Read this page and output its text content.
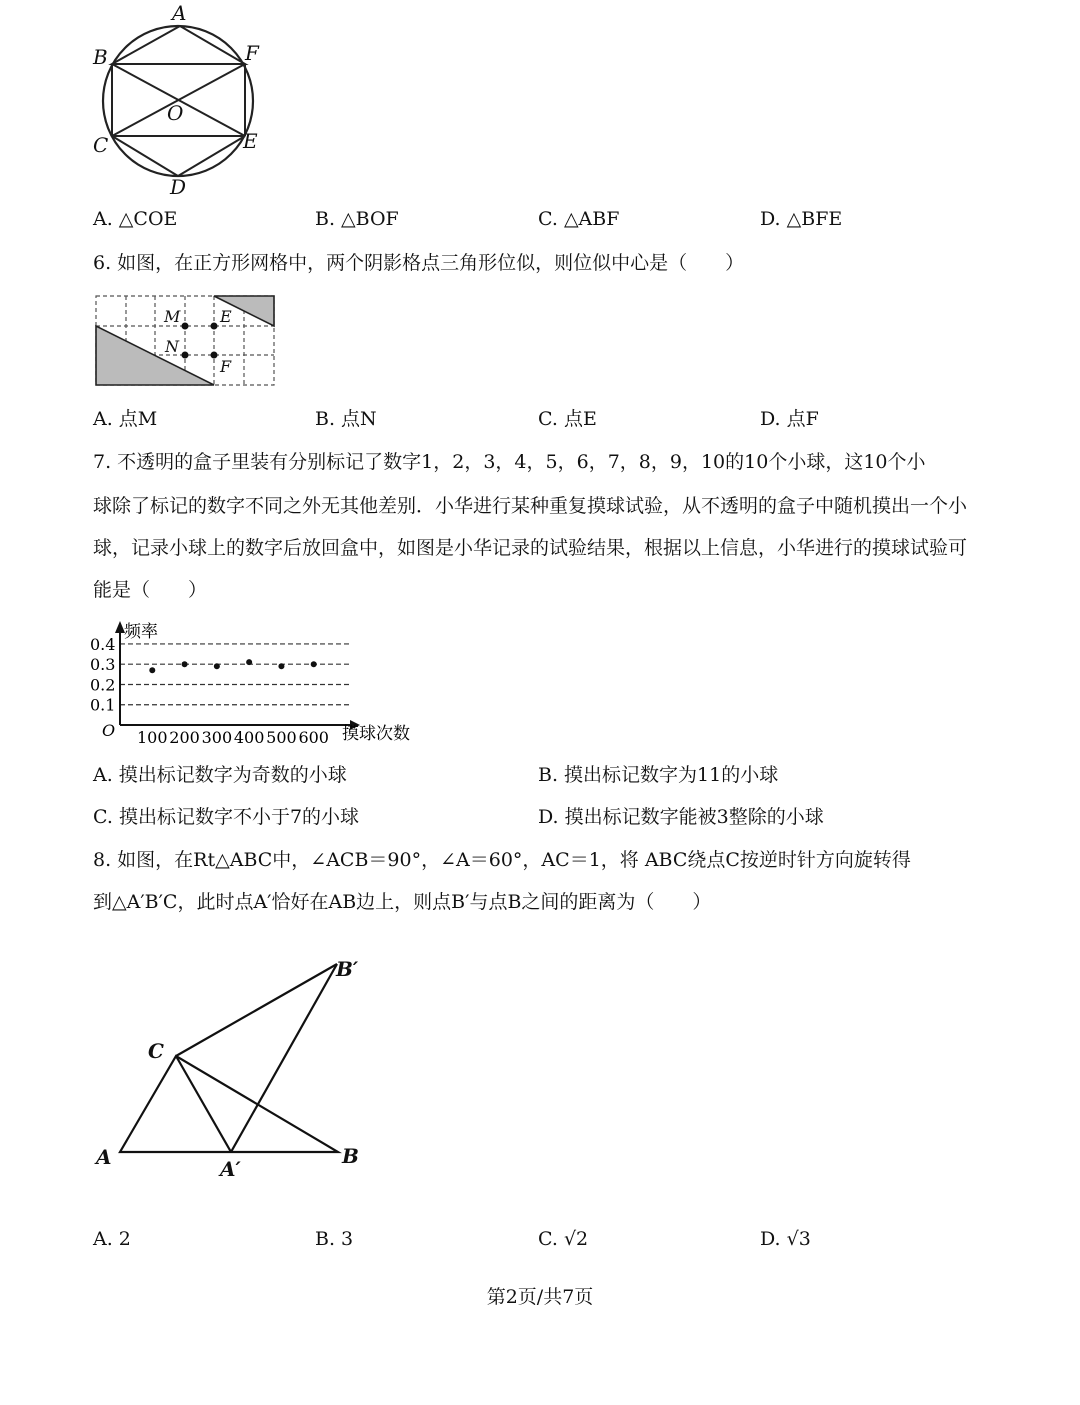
A
B	F
O
C	E
D
A. △COE	B. △BOF	C. △ABF	D. △BFE
6. 如图，在正方形网格中，两个阴影格点三角形位似，则位似中心是（　　）
M E
N
F
A. 点M	B. 点N	C. 点E	D. 点F
7. 不透明的盒子里装有分别标记了数字1，2，3，4，5，6，7，8，9，10的10个小球，这10个小
球除了标记的数字不同之外无其他差别．小华进行某种重复摸球试验，从不透明的盒子中随机摸出一个小
球，记录小球上的数字后放回盒中，如图是小华记录的试验结果，根据以上信息，小华进行的摸球试验可
能是（　　）
频率
摸球次数
O
0.1
0.2
0.3
0.4
100 200 300 400 500 600
A. 摸出标记数字为奇数的小球	B. 摸出标记数字为11的小球
C. 摸出标记数字不小于7的小球	D. 摸出标记数字能被3整除的小球
8. 如图，在Rt△ABC中，∠ACB＝90°，∠A＝60°，AC＝1，将 ABC绕点C按逆时针方向旋转得
到△A′B′C，此时点A′恰好在AB边上，则点B′与点B之间的距离为（　　）
B′
C
A	A′
B
A. 2	B. 3	C. √2	D. √3
第2页/共7页
